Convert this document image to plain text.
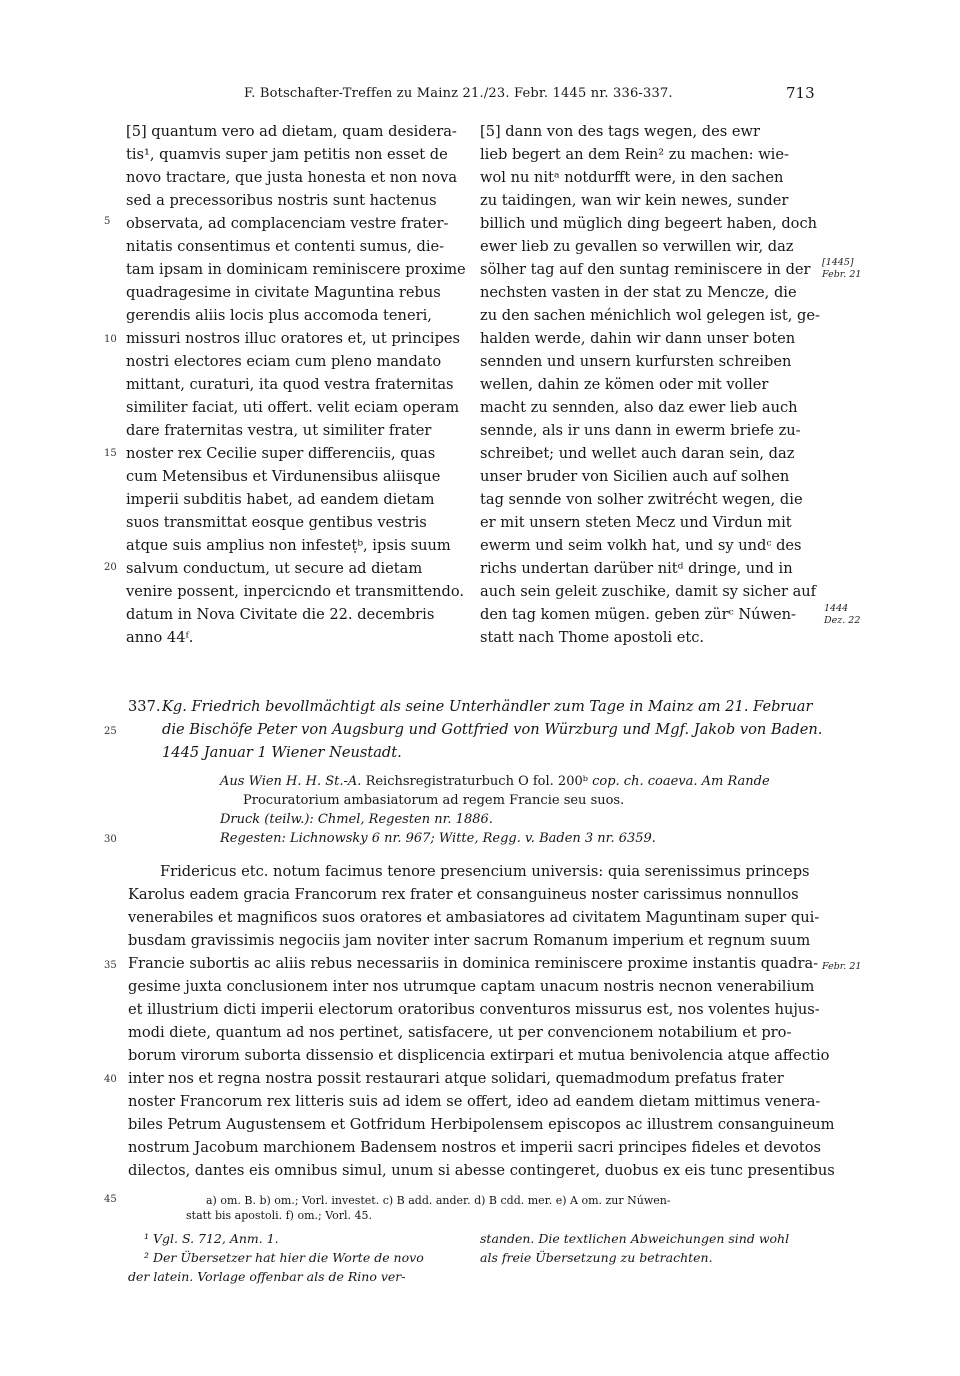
F. Botschafter-Treffen zu Mainz 21./23. Febr. 1445 nr. 336-337.	713
5
10
15
20
25
30
35
40
45
[5] quantum vero ad dietam, quam desidera-
tis¹, quamvis super jam petitis non esset de
novo tractare, que justa honesta et non nova
sed a precessoribus nostris sunt hactenus
observata, ad complacenciam vestre frater-
nitatis consentimus et contenti sumus, die-
tam ipsam in dominicam reminiscere proxime
quadragesime in civitate Maguntina rebus
gerendis aliis locis plus accomoda teneri,
missuri nostros illuc oratores et, ut principes
nostri electores eciam cum pleno mandato
mittant, curaturi, ita quod vestra fraternitas
similiter faciat, uti offert. velit eciam operam
dare fraternitas vestra, ut similiter frater
noster rex Cecilie super differenciis, quas
cum Metensibus et Virdunensibus aliisque
imperii subditis habet, ad eandem dietam
suos transmittat eosque gentibus vestris
atque suis amplius non infesteṭᵇ, ipsis suum
salvum conductum, ut secure ad dietam
venire possent, inpercicndo et transmittendo.
datum in Nova Civitate die 22. decembris
anno 44ᶠ.
[5] dann von des tags wegen, des ewr
lieb begert an dem Rein² zu machen: wie-
wol nu nitᵃ notdurfft were, in den sachen
zu taidingen, wan wir kein newes, sunder
billich und müglich ding begeert haben, doch
ewer lieb zu gevallen so verwillen wir, daz
sölher tag auf den suntag reminiscere in der
nechsten vasten in der stat zu Mencze, die
zu den sachen ménichlich wol gelegen ist, ge-
halden werde, dahin wir dann unser boten
sennden und unsern kurfursten schreiben
wellen, dahin ze kömen oder mit voller
macht zu sennden, also daz ewer lieb auch
sennde, als ir uns dann in ewerm briefe zu-
schreibet; und wellet auch daran sein, daz
unser bruder von Sicilien auch auf solhen
tag sennde von solher zwitrécht wegen, die
er mit unsern steten Mecz und Virdun mit
ewerm und seim volkh hat, und sy undᶜ des
richs undertan darüber nitᵈ dringe, und in
auch sein geleit zuschike, damit sy sicher auf
den tag komen mügen. geben zürᶜ Núwen-
statt nach Thome apostoli etc.
[1445]
Febr. 21
1444
Dez. 22
Febr. 21
337. Kg. Friedrich bevollmächtigt als seine Unterhändler zum Tage in Mainz am 21. Februar
die Bischöfe Peter von Augsburg und Gottfried von Würzburg und Mgf. Jakob von Baden.
1445 Januar 1 Wiener Neustadt.
Aus Wien H. H. St.-A. Reichsregistraturbuch O fol. 200ᵇ cop. ch. coaeva. Am Rande
Procuratorium ambasiatorum ad regem Francie seu suos.
Druck (teilw.): Chmel, Regesten nr. 1886.
Regesten: Lichnowsky 6 nr. 967; Witte, Regg. v. Baden 3 nr. 6359.
Fridericus etc. notum facimus tenore presencium universis: quia serenissimus princeps
Karolus eadem gracia Francorum rex frater et consanguineus noster carissimus nonnullos
venerabiles et magnificos suos oratores et ambasiatores ad civitatem Maguntinam super qui-
busdam gravissimis negociis jam noviter inter sacrum Romanum imperium et regnum suum
Francie subortis ac aliis rebus necessariis in dominica reminiscere proxime instantis quadra-
gesime juxta conclusionem inter nos utrumque captam unacum nostris necnon venerabilium
et illustrium dicti imperii electorum oratoribus conventuros missurus est, nos volentes hujus-
modi diete, quantum ad nos pertinet, satisfacere, ut per convencionem notabilium et pro-
borum virorum suborta dissensio et displicencia extirpari et mutua benivolencia atque affectio
inter nos et regna nostra possit restaurari atque solidari, quemadmodum prefatus frater
noster Francorum rex litteris suis ad idem se offert, ideo ad eandem dietam mittimus venera-
biles Petrum Augustensem et Gotfridum Herbipolensem episcopos ac illustrem consanguineum
nostrum Jacobum marchionem Badensem nostros et imperii sacri principes fideles et devotos
dilectos, dantes eis omnibus simul, unum si abesse contingeret, duobus ex eis tunc presentibus
a) om. B. b) om.; Vorl. investet. c) B add. ander. d) B cdd. mer. e) A om. zur Núwen-
statt bis apostoli. f) om.; Vorl. 45.
¹ Vgl. S. 712, Anm. 1.
² Der Übersetzer hat hier die Worte de novo
der latein. Vorlage offenbar als de Rino ver-
standen. Die textlichen Abweichungen sind wohl
als freie Übersetzung zu betrachten.
